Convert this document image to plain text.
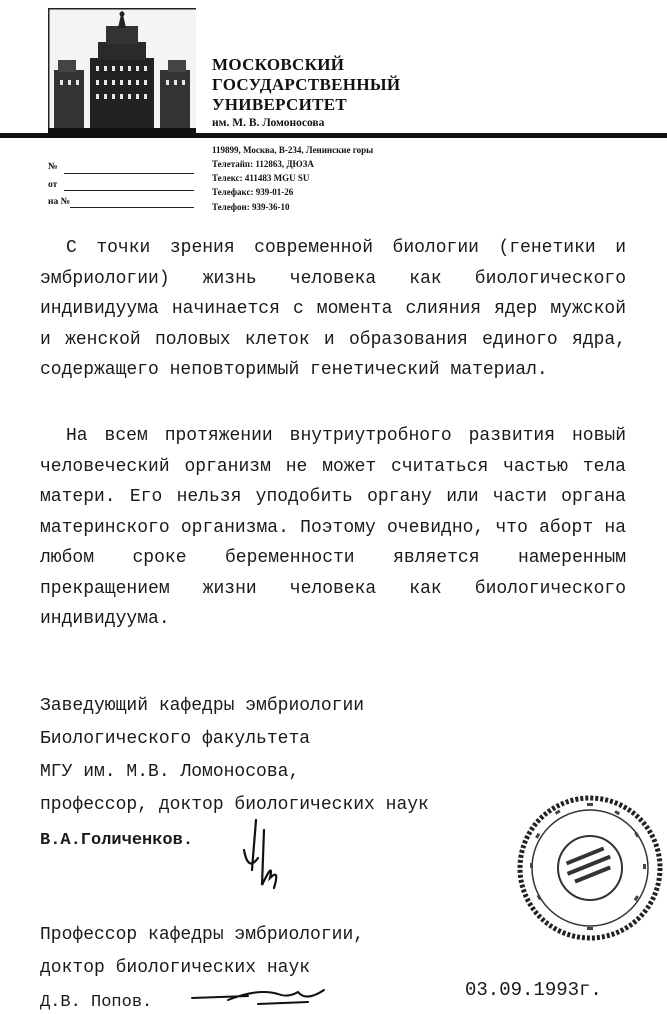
МОСКОВСКИЙ
ГОСУДАРСТВЕННЫЙ
УНИВЕРСИТЕТ
им. М. В. Ломоносова
119899, Москва, В-234, Ленинские горы
Телетайп: 112863, ДЮЗА
Телекс: 411483 MGU SU
Телефакс: 939-01-26
Телефон: 939-36-10
№
от
на №

С точки зрения современной биологии (генетики и эмбриологии) жизнь человека как биологического индивидуума начинается с момента слияния ядер мужской и женской половых клеток и образования единого ядра, содержащего неповторимый генетический материал.

На всем протяжении внутриутробного развития новый человеческий организм не может считаться частью тела матери. Его нельзя уподобить органу или части органа материнского организма. Поэтому очевидно, что аборт на любом сроке беременности является намеренным прекращением жизни человека как биологического индивидуума.

Заведующий кафедры эмбриологии
Биологического факультета
МГУ им. М.В. Ломоносова,
профессор, доктор биологических наук
В.А.Голиченков.
Профессор кафедры эмбриологии,
доктор биологических наук
Д.В. Попов.
03.09.1993г.
